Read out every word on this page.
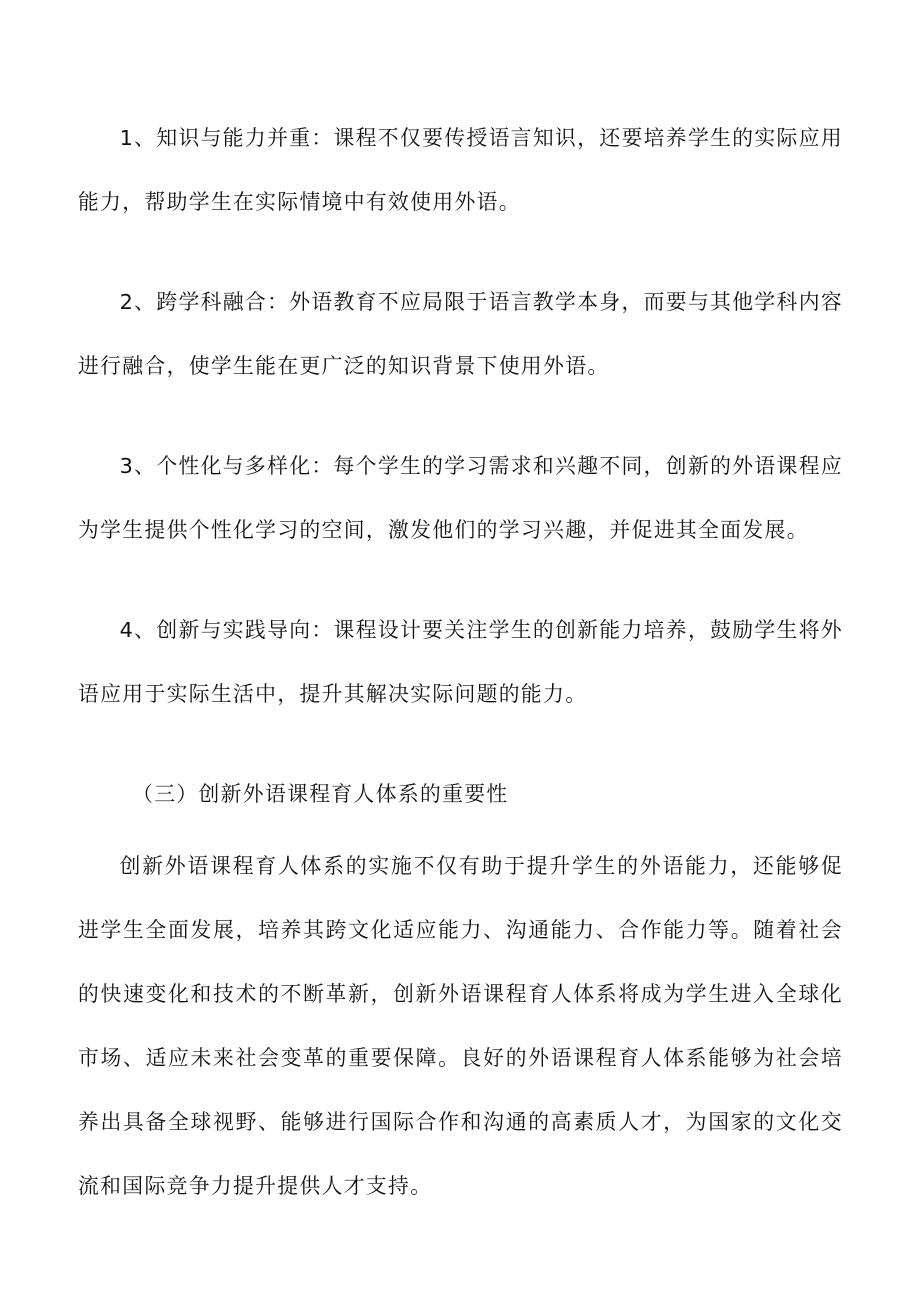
1、知识与能力并重：课程不仅要传授语言知识，还要培养学生的实际应用能力，帮助学生在实际情境中有效使用外语。

2、跨学科融合：外语教育不应局限于语言教学本身，而要与其他学科内容进行融合，使学生能在更广泛的知识背景下使用外语。

3、个性化与多样化：每个学生的学习需求和兴趣不同，创新的外语课程应为学生提供个性化学习的空间，激发他们的学习兴趣，并促进其全面发展。

4、创新与实践导向：课程设计要关注学生的创新能力培养，鼓励学生将外语应用于实际生活中，提升其解决实际问题的能力。

（三）创新外语课程育人体系的重要性

创新外语课程育人体系的实施不仅有助于提升学生的外语能力，还能够促进学生全面发展，培养其跨文化适应能力、沟通能力、合作能力等。随着社会的快速变化和技术的不断革新，创新外语课程育人体系将成为学生进入全球化市场、适应未来社会变革的重要保障。良好的外语课程育人体系能够为社会培养出具备全球视野、能够进行国际合作和沟通的高素质人才，为国家的文化交流和国际竞争力提升提供人才支持。
